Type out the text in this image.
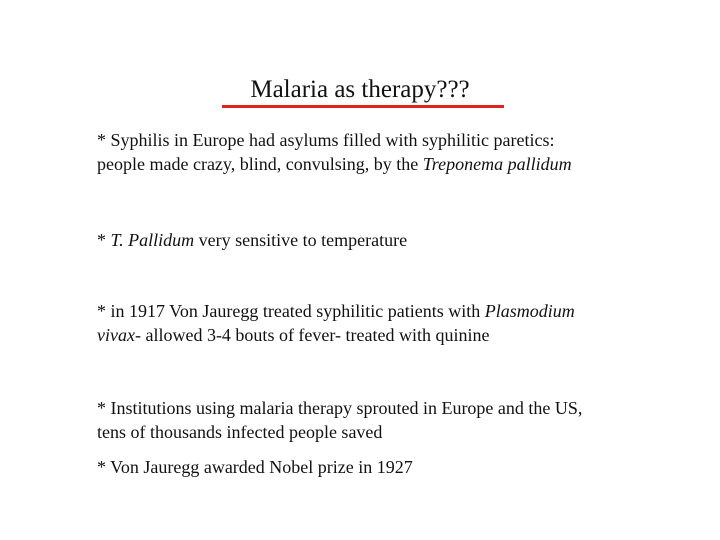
Malaria as therapy???
* Syphilis in Europe had asylums filled with syphilitic paretics:
people made crazy, blind, convulsing, by the Treponema pallidum
* T. Pallidum very sensitive to temperature
* in 1917 Von Jauregg treated syphilitic patients with Plasmodium
vivax- allowed 3-4 bouts of fever- treated with quinine
* Institutions using malaria therapy sprouted in Europe and the US,
tens of thousands infected people saved
* Von Jauregg awarded Nobel prize in 1927
